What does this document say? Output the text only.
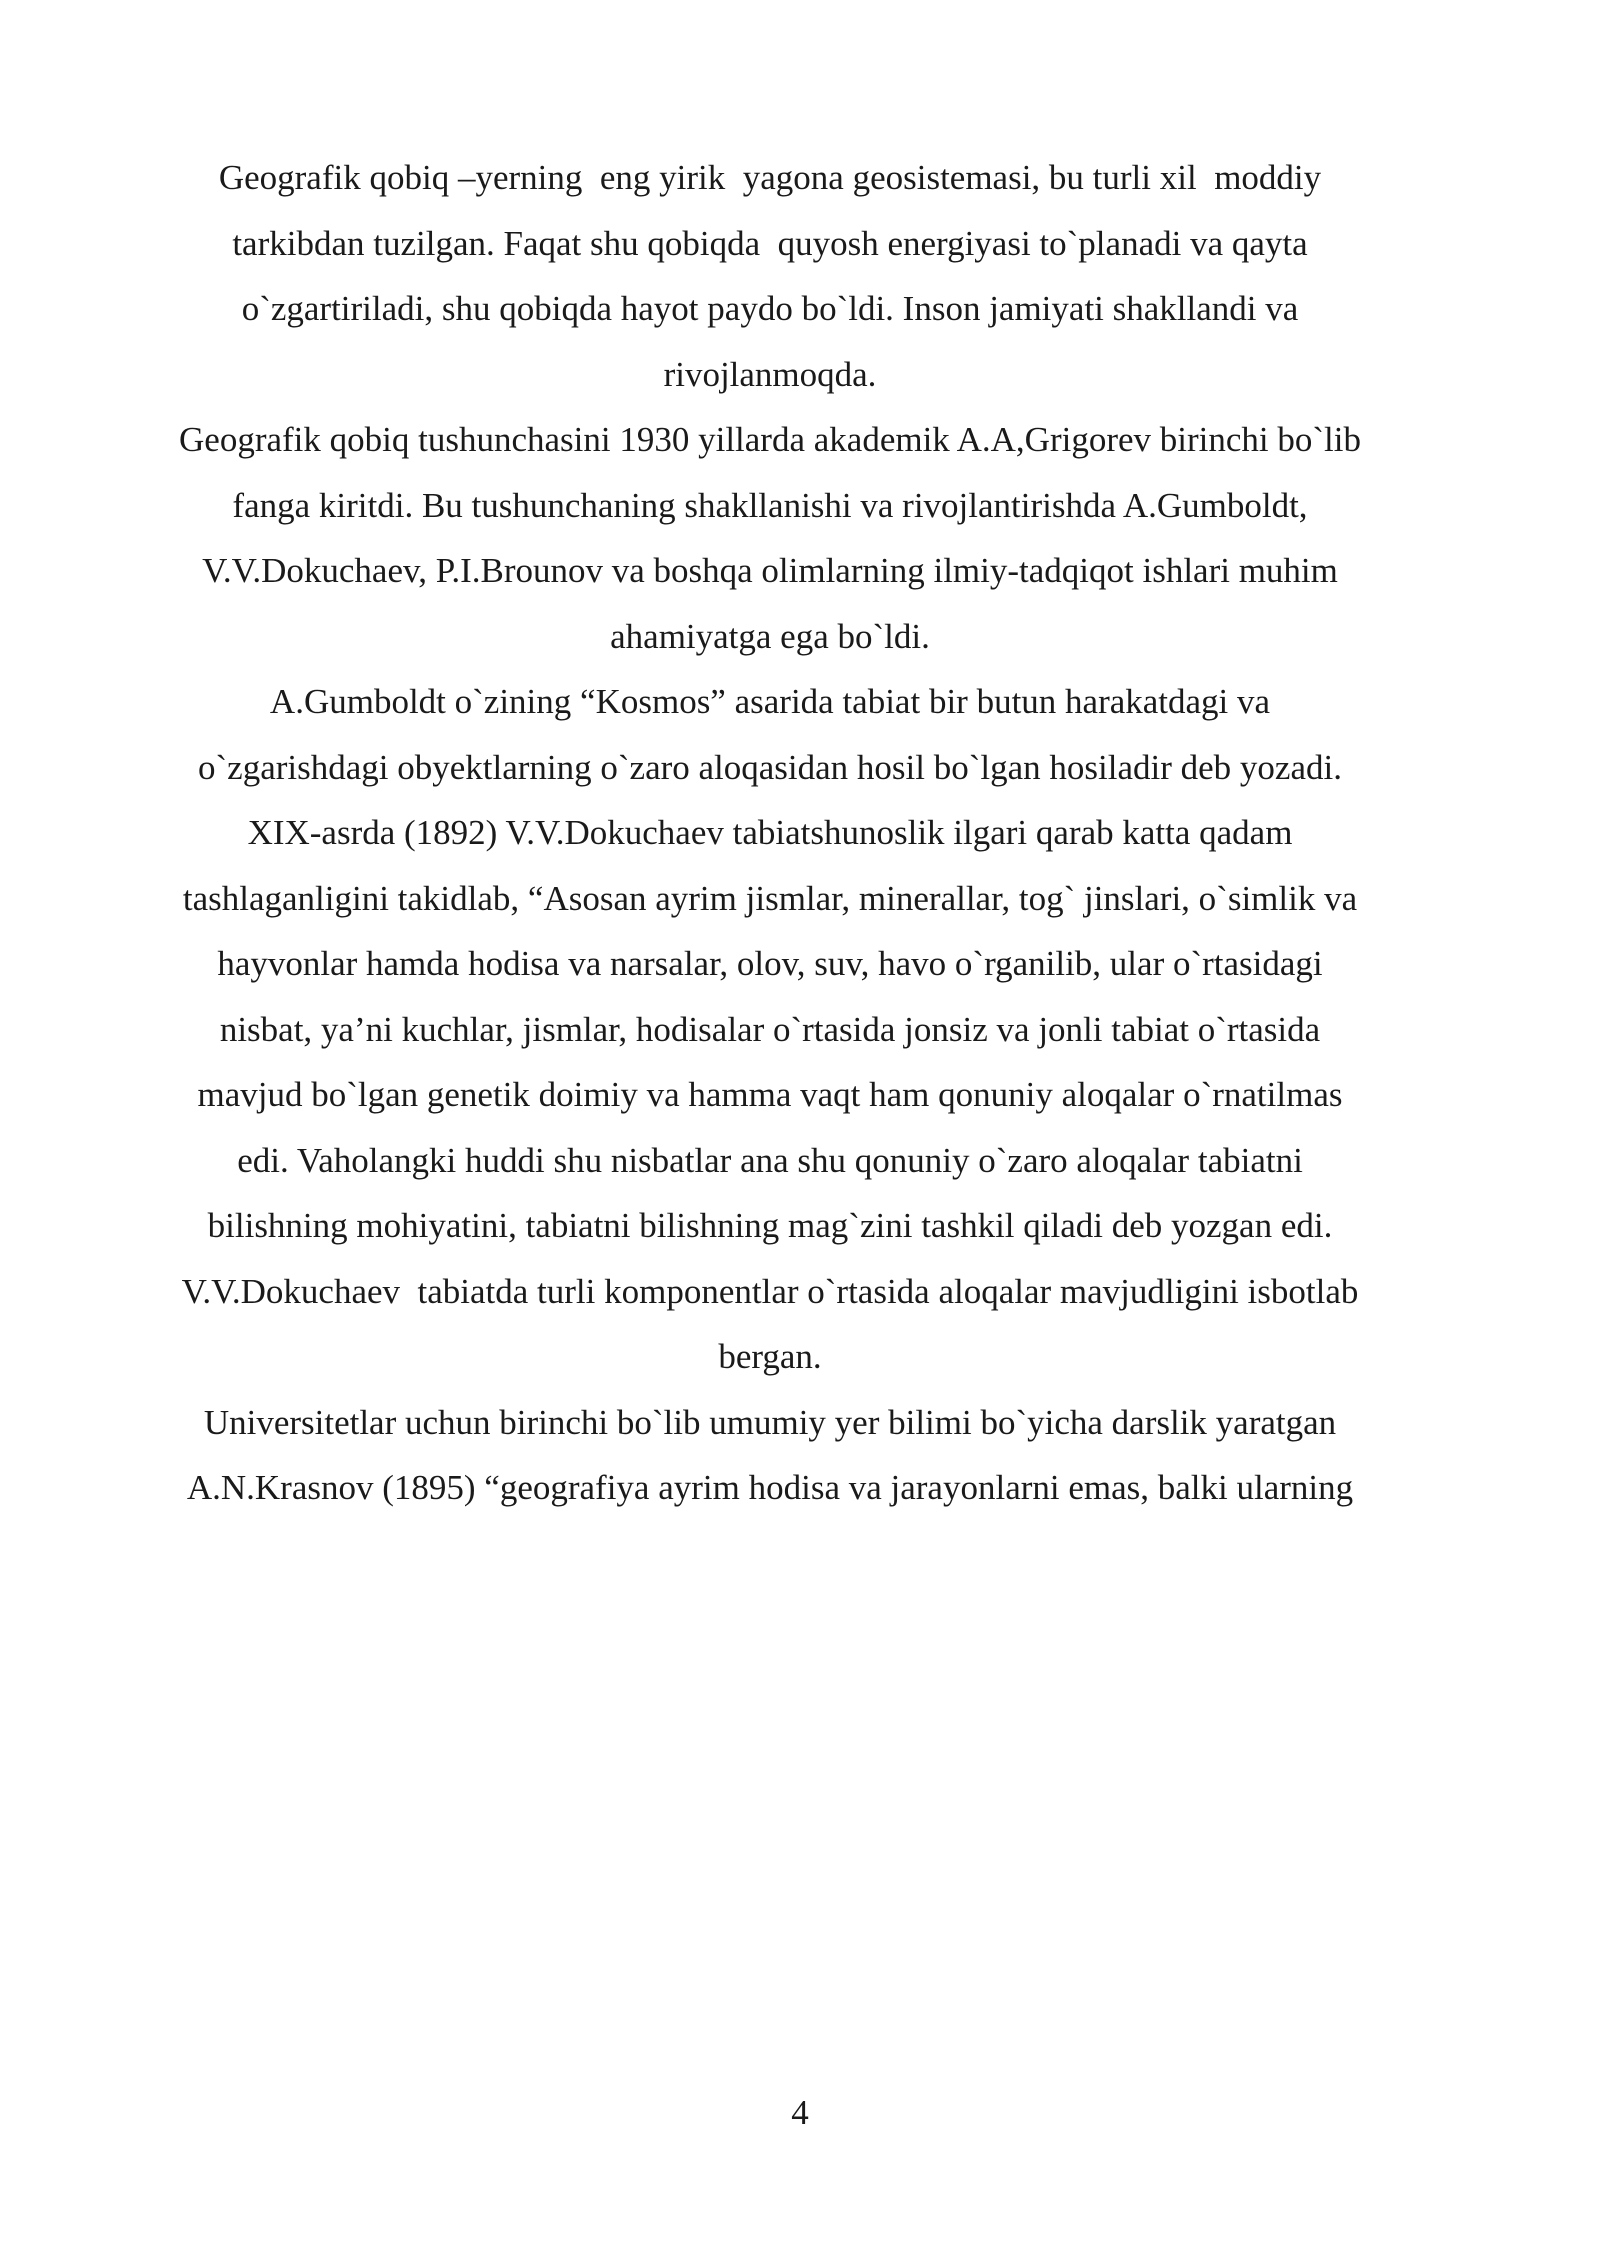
Geografik qobiq –yerning  eng yirik  yagona geosistemasi, bu turli xil  moddiy
tarkibdan tuzilgan. Faqat shu qobiqda  quyosh energiyasi to`planadi va qayta
o`zgartiriladi, shu qobiqda hayot paydo bo`ldi. Inson jamiyati shakllandi va
rivojlanmoqda.
Geografik qobiq tushunchasini 1930 yillarda akademik A.A,Grigorev birinchi bo`lib
fanga kiritdi. Bu tushunchaning shakllanishi va rivojlantirishda A.Gumboldt,
V.V.Dokuchaev, P.I.Brounov va boshqa olimlarning ilmiy-tadqiqot ishlari muhim
ahamiyatga ega bo`ldi.
A.Gumboldt o`zining “Kosmos” asarida tabiat bir butun harakatdagi va
o`zgarishdagi obyektlarning o`zaro aloqasidan hosil bo`lgan hosiladir deb yozadi.
XIX-asrda (1892) V.V.Dokuchaev tabiatshunoslik ilgari qarab katta qadam
tashlaganligini takidlab, “Asosan ayrim jismlar, minerallar, tog` jinslari, o`simlik va
hayvonlar hamda hodisa va narsalar, olov, suv, havo o`rganilib, ular o`rtasidagi
nisbat, ya’ni kuchlar, jismlar, hodisalar o`rtasida jonsiz va jonli tabiat o`rtasida
mavjud bo`lgan genetik doimiy va hamma vaqt ham qonuniy aloqalar o`rnatilmas
edi. Vaholangki huddi shu nisbatlar ana shu qonuniy o`zaro aloqalar tabiatni
bilishning mohiyatini, tabiatni bilishning mag`zini tashkil qiladi deb yozgan edi.
V.V.Dokuchaev  tabiatda turli komponentlar o`rtasida aloqalar mavjudligini isbotlab
bergan.
Universitetlar uchun birinchi bo`lib umumiy yer bilimi bo`yicha darslik yaratgan
A.N.Krasnov (1895) “geografiya ayrim hodisa va jarayonlarni emas, balki ularning
4
